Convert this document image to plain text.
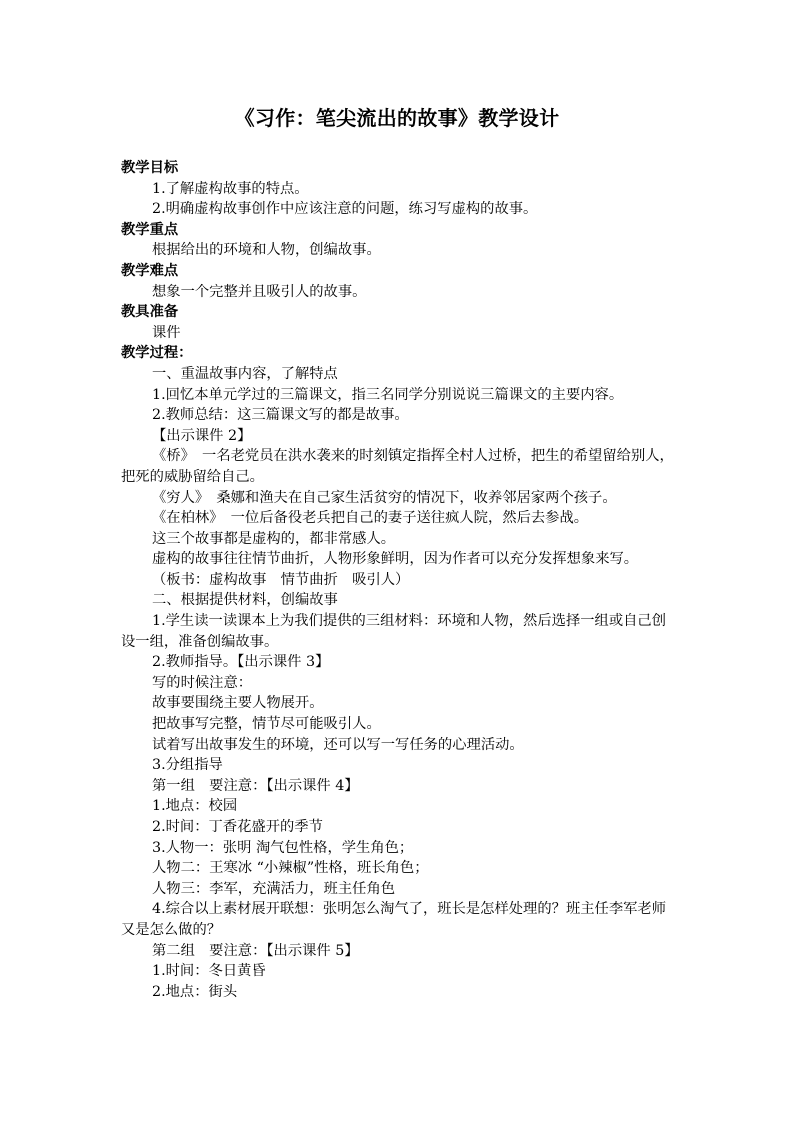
《习作：笔尖流出的故事》教学设计
教学目标
1.了解虚构故事的特点。
2.明确虚构故事创作中应该注意的问题，练习写虚构的故事。
教学重点
根据给出的环境和人物，创编故事。
教学难点
想象一个完整并且吸引人的故事。
教具准备
课件
教学过程：
一、重温故事内容，了解特点
1.回忆本单元学过的三篇课文，指三名同学分别说说三篇课文的主要内容。
2.教师总结：这三篇课文写的都是故事。
【出示课件 2】
《桥》　一名老党员在洪水袭来的时刻镇定指挥全村人过桥，把生的希望留给别人，把死的威胁留给自己。
《穷人》　桑娜和渔夫在自己家生活贫穷的情况下，收养邻居家两个孩子。
《在柏林》　一位后备役老兵把自己的妻子送往疯人院，然后去参战。
这三个故事都是虚构的，都非常感人。
虚构的故事往往情节曲折，人物形象鲜明，因为作者可以充分发挥想象来写。
（板书：虚构故事　情节曲折　吸引人）
二、根据提供材料，创编故事
1.学生读一读课本上为我们提供的三组材料：环境和人物，然后选择一组或自己创设一组，准备创编故事。
2.教师指导。【出示课件 3】
写的时候注意：
故事要围绕主要人物展开。
把故事写完整，情节尽可能吸引人。
试着写出故事发生的环境，还可以写一写任务的心理活动。
3.分组指导
第一组　要注意：【出示课件 4】
1.地点：校园
2.时间：丁香花盛开的季节
3.人物一：张明 淘气包性格，学生角色；
人物二：王寒冰 “小辣椒”性格，班长角色；
人物三：李军，充满活力，班主任角色
4.综合以上素材展开联想：张明怎么淘气了，班长是怎样处理的？班主任李军老师又是怎么做的？
第二组　要注意：【出示课件 5】
1.时间：冬日黄昏
2.地点：街头
